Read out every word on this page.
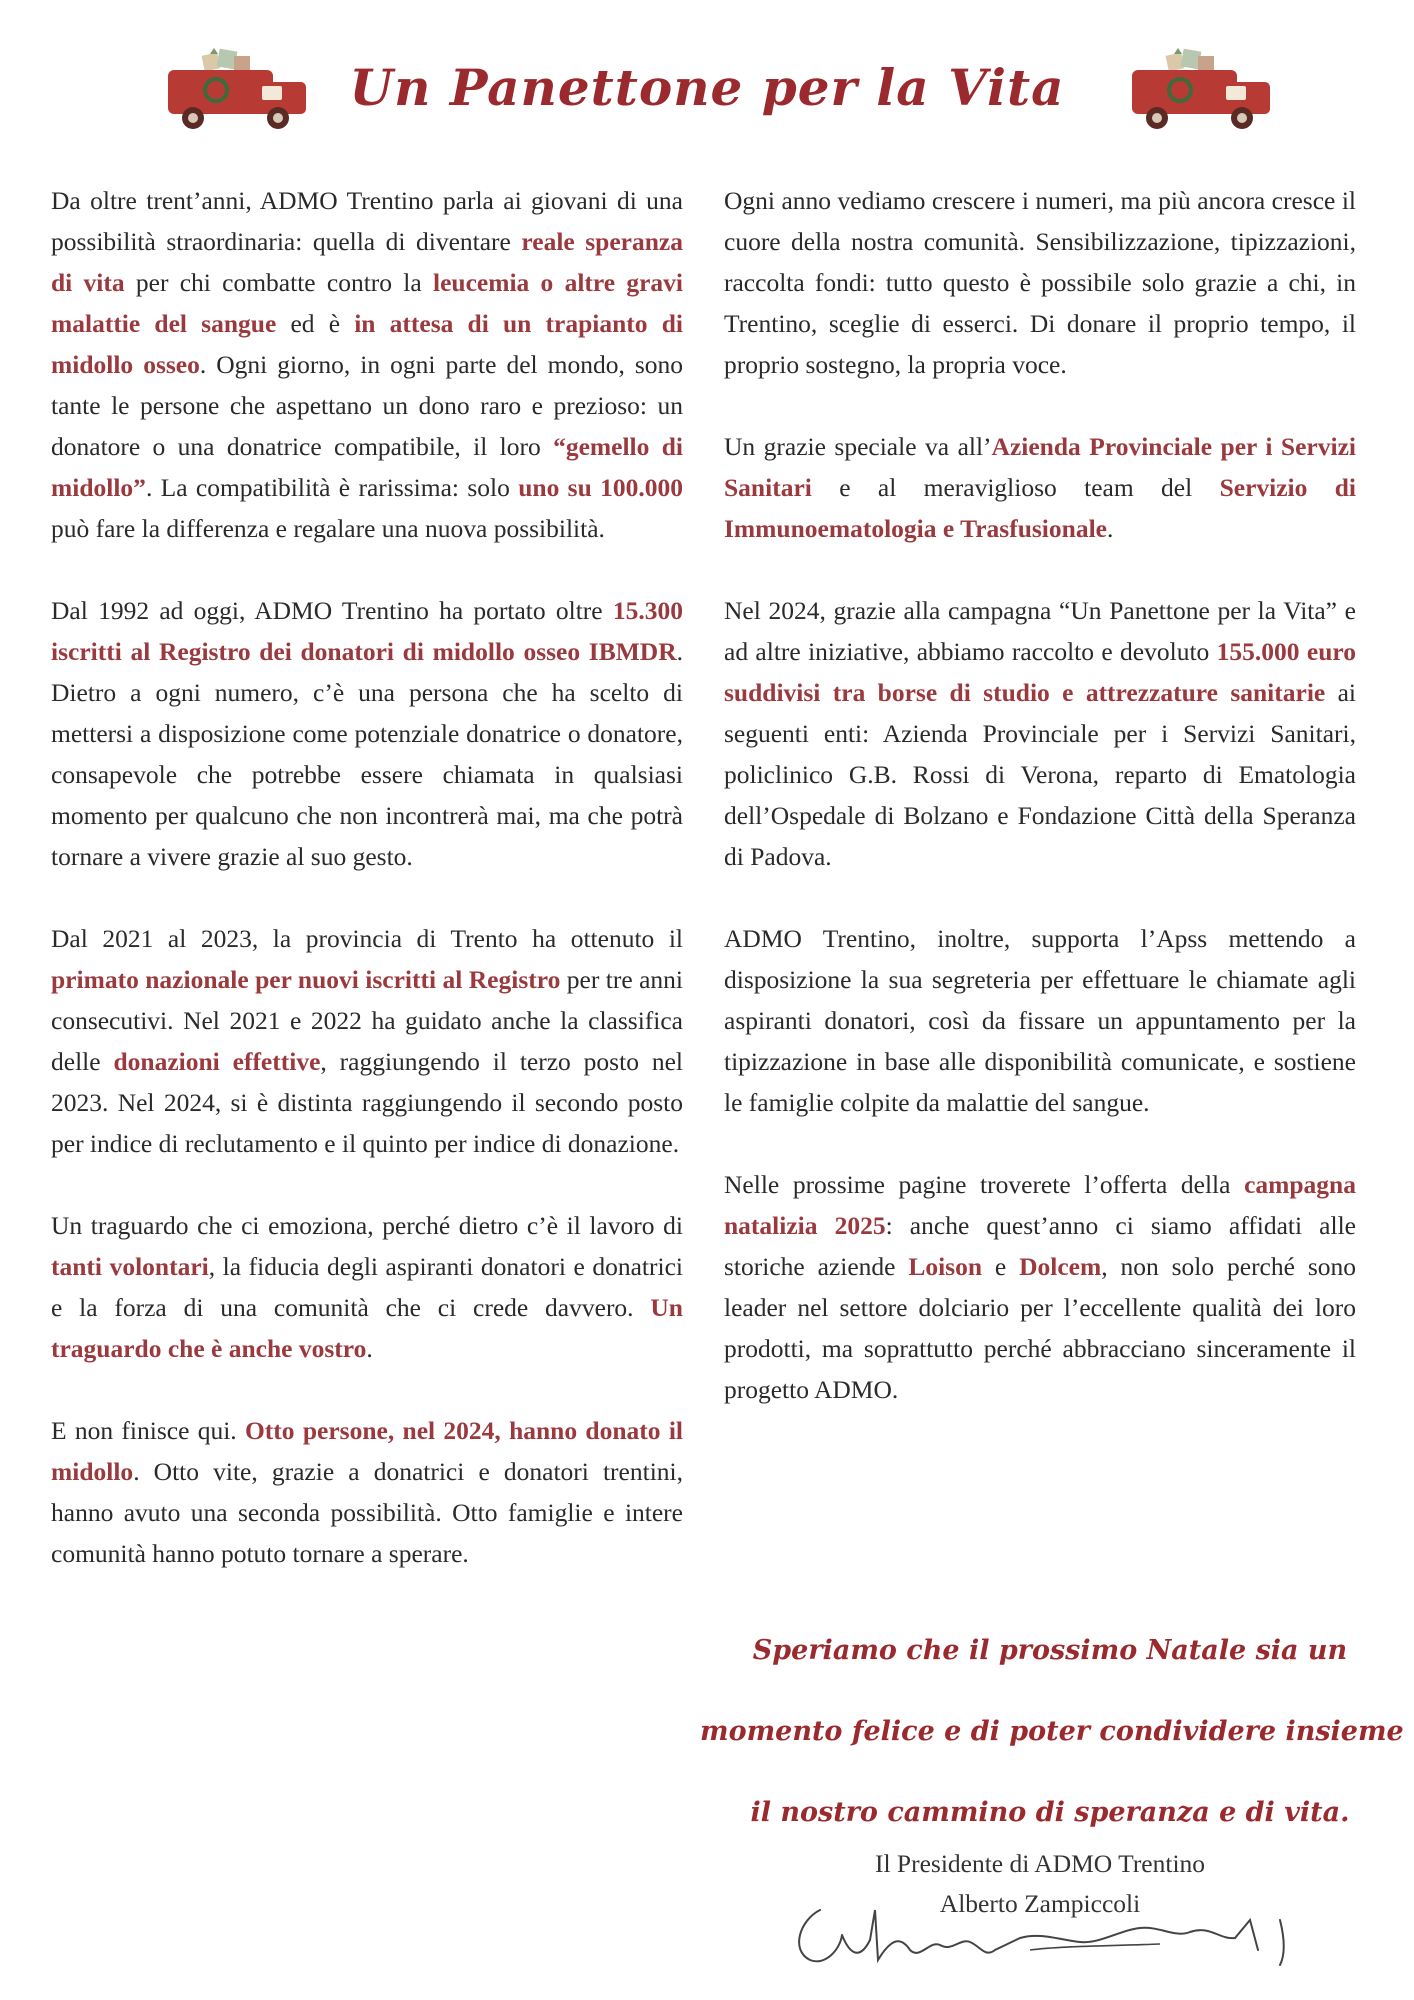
Un Panettone per la Vita

Da oltre trent’anni, ADMO Trentino parla ai giovani di una possibilità straordinaria: quella di diventare reale speranza di vita per chi combatte contro la leucemia o altre gravi malattie del sangue ed è in attesa di un trapianto di midollo osseo. Ogni giorno, in ogni parte del mondo, sono tante le persone che aspettano un dono raro e prezioso: un donatore o una donatrice compatibile, il loro “gemello di midollo”. La compatibilità è rarissima: solo uno su 100.000 può fare la differenza e regalare una nuova possibilità.

Dal 1992 ad oggi, ADMO Trentino ha portato oltre 15.300 iscritti al Registro dei donatori di midollo osseo IBMDR. Dietro a ogni numero, c’è una persona che ha scelto di mettersi a disposizione come potenziale donatrice o donatore, consapevole che potrebbe essere chiamata in qualsiasi momento per qualcuno che non incontrerà mai, ma che potrà tornare a vivere grazie al suo gesto.

Dal 2021 al 2023, la provincia di Trento ha ottenuto il primato nazionale per nuovi iscritti al Registro per tre anni consecutivi. Nel 2021 e 2022 ha guidato anche la classifica delle donazioni effettive, raggiungendo il terzo posto nel 2023. Nel 2024, si è distinta raggiungendo il secondo posto per indice di reclutamento e il quinto per indice di donazione.

Un traguardo che ci emoziona, perché dietro c’è il lavoro di tanti volontari, la fiducia degli aspiranti donatori e donatrici e la forza di una comunità che ci crede davvero. Un traguardo che è anche vostro.

E non finisce qui. Otto persone, nel 2024, hanno donato il midollo. Otto vite, grazie a donatrici e donatori trentini, hanno avuto una seconda possibilità. Otto famiglie e intere comunità hanno potuto tornare a sperare.

Ogni anno vediamo crescere i numeri, ma più ancora cresce il cuore della nostra comunità. Sensibilizzazione, tipizzazioni, raccolta fondi: tutto questo è possibile solo grazie a chi, in Trentino, sceglie di esserci. Di donare il proprio tempo, il proprio sostegno, la propria voce.

Un grazie speciale va all’Azienda Provinciale per i Servizi Sanitari e al meraviglioso team del Servizio di Immunoematologia e Trasfusionale.

Nel 2024, grazie alla campagna “Un Panettone per la Vita” e ad altre iniziative, abbiamo raccolto e devoluto 155.000 euro suddivisi tra borse di studio e attrezzature sanitarie ai seguenti enti: Azienda Provinciale per i Servizi Sanitari, policlinico G.B. Rossi di Verona, reparto di Ematologia dell’Ospedale di Bolzano e Fondazione Città della Speranza di Padova.

ADMO Trentino, inoltre, supporta l’Apss mettendo a disposizione la sua segreteria per effettuare le chiamate agli aspiranti donatori, così da fissare un appuntamento per la tipizzazione in base alle disponibilità comunicate, e sostiene le famiglie colpite da malattie del sangue.

Nelle prossime pagine troverete l’offerta della campagna natalizia 2025: anche quest’anno ci siamo affidati alle storiche aziende Loison e Dolcem, non solo perché sono leader nel settore dolciario per l’eccellente qualità dei loro prodotti, ma soprattutto perché abbracciano sinceramente il progetto ADMO.

Speriamo che il prossimo Natale sia un
momento felice e di poter condividere insieme
il nostro cammino di speranza e di vita.
Il Presidente di ADMO Trentino
Alberto Zampiccoli
